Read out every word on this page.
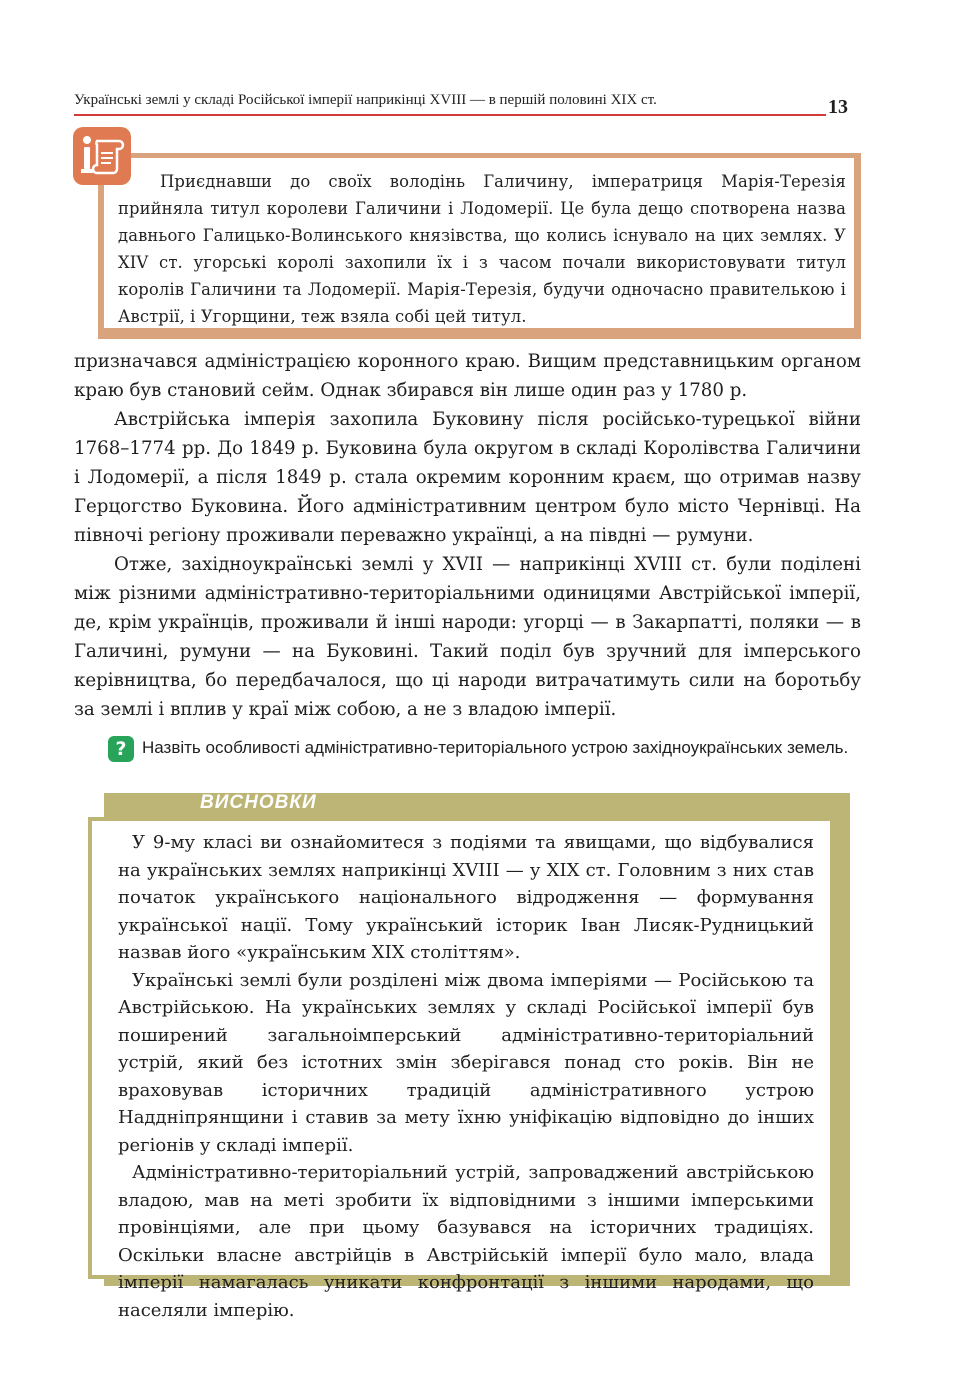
Українські землі у складі Російської імперії наприкінці XVIII — в першій половині XIX ст.	13

Приєднавши до своїх володінь Галичину, імператриця Марія-Терезія прийняла титул королеви Галичини і Лодомерії. Це була дещо спотворена назва давнього Галицько-Волинського князівства, що колись існувало на цих землях. У XIV ст. угорські королі захопили їх і з часом почали використовувати титул королів Галичини та Лодомерії. Марія-Терезія, будучи одночасно правителькою і Австрії, і Угорщини, теж взяла собі цей титул.

призначався адміністрацією коронного краю. Вищим представницьким органом краю був становий сейм. Однак збирався він лише один раз у 1780 р.

Австрійська імперія захопила Буковину після російсько-турецької війни 1768–1774 рр. До 1849 р. Буковина була округом в складі Королівства Галичини і Лодомерії, а після 1849 р. стала окремим коронним краєм, що отримав назву Герцогство Буковина. Його адміністративним центром було місто Чернівці. На півночі регіону проживали переважно українці, а на півдні — румуни.

Отже, західноукраїнські землі у XVII — наприкінці XVIII ст. були поділені між різними адміністративно-територіальними одиницями Австрійської імперії, де, крім українців, проживали й інші народи: угорці — в Закарпатті, поляки — в Галичині, румуни — на Буковині. Такий поділ був зручний для імперського керівництва, бо передбачалося, що ці народи витрачатимуть сили на боротьбу за землі і вплив у краї між собою, а не з владою імперії.

? Назвіть особливості адміністративно-територіального устрою західноукраїнських земель.

ВИСНОВКИ

У 9-му класі ви ознайомитеся з подіями та явищами, що відбувалися на українських землях наприкінці XVIII — у XIX ст. Головним з них став початок українського національного відродження — формування української нації. Тому український історик Іван Лисяк-Рудницький назвав його «українським XIX століттям».

Українські землі були розділені між двома імперіями — Російською та Австрійською. На українських землях у складі Російської імперії був поширений загальноімперський адміністративно-територіальний устрій, який без істотних змін зберігався понад сто років. Він не враховував історичних традицій адміністративного устрою Наддніпрянщини і ставив за мету їхню уніфікацію відповідно до інших регіонів у складі імперії.

Адміністративно-територіальний устрій, запроваджений австрійською владою, мав на меті зробити їх відповідними з іншими імперськими провінціями, але при цьому базувався на історичних традиціях. Оскільки власне австрійців в Австрійській імперії було мало, влада імперії намагалась уникати конфронтації з іншими народами, що населяли імперію.
